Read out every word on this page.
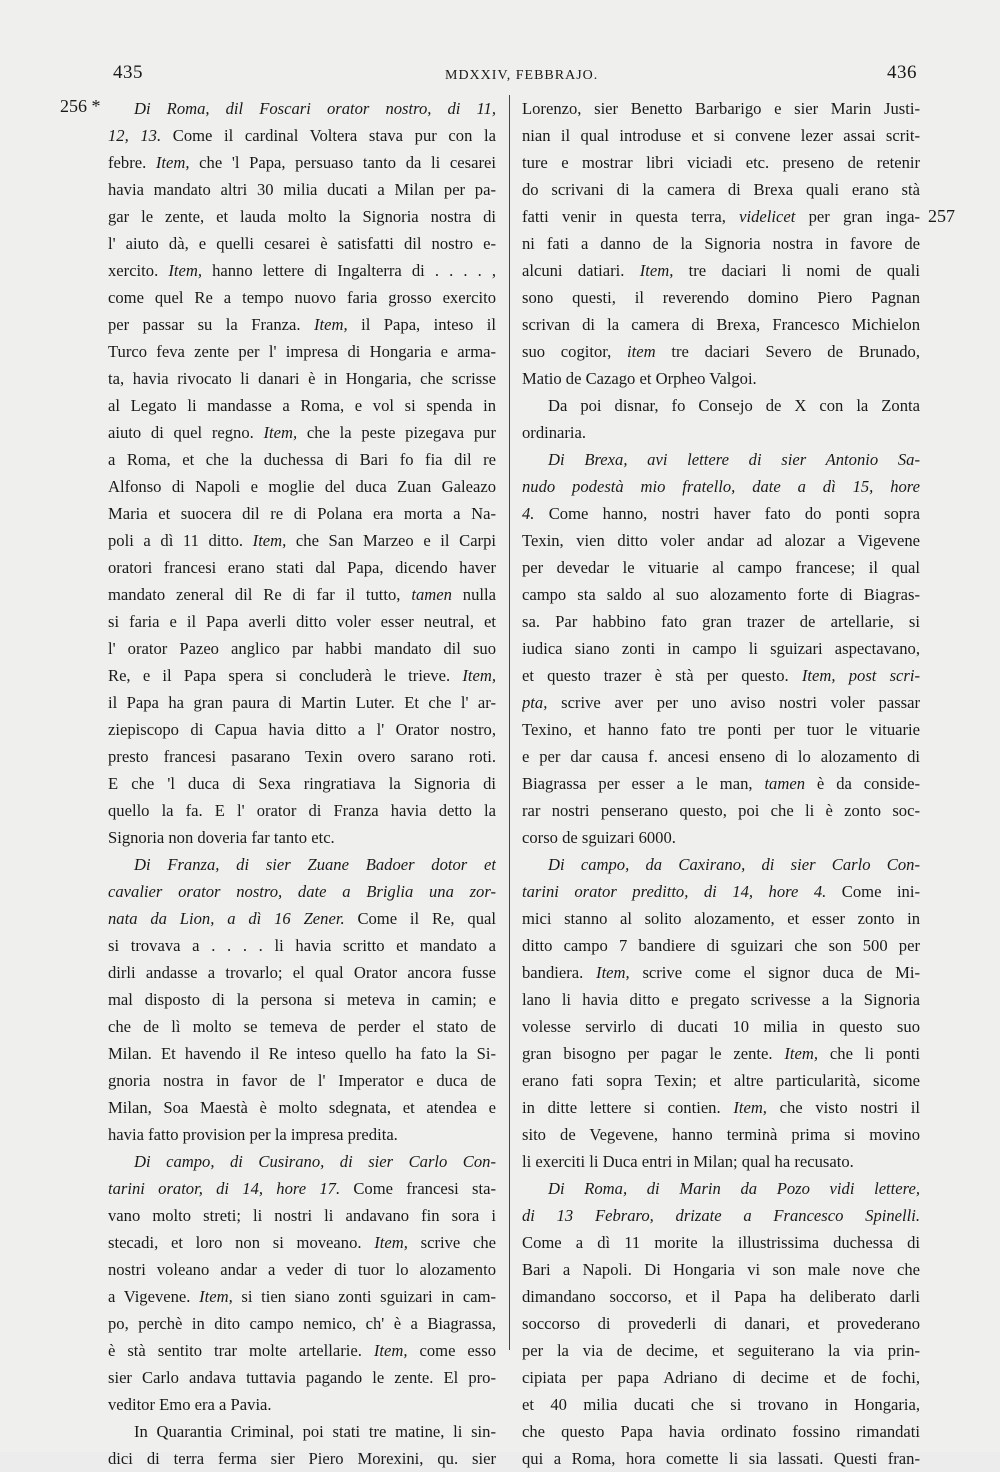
435	MDXXIV, FEBBRAJO.	436
256 *
257
Di Roma, dil Foscari orator nostro, di 11,
12, 13. Come il cardinal Voltera stava pur con la
febre. Item, che 'l Papa, persuaso tanto da li cesarei
havia mandato altri 30 milia ducati a Milan per pa-
gar le zente, et lauda molto la Signoria nostra di
l' aiuto dà, e quelli cesarei è satisfatti dil nostro e-
xercito. Item, hanno lettere di Ingalterra di . . . . ,
come quel Re a tempo nuovo faria grosso exercito
per passar su la Franza. Item, il Papa, inteso il
Turco feva zente per l' impresa di Hongaria e arma-
ta, havia rivocato li danari è in Hongaria, che scrisse
al Legato li mandasse a Roma, e vol si spenda in
aiuto di quel regno. Item, che la peste pizegava pur
a Roma, et che la duchessa di Bari fo fia dil re
Alfonso di Napoli e moglie del duca Zuan Galeazo
Maria et suocera dil re di Polana era morta a Na-
poli a dì 11 ditto. Item, che San Marzeo e il Carpi
oratori francesi erano stati dal Papa, dicendo haver
mandato zeneral dil Re di far il tutto, tamen nulla
si faria e il Papa averli ditto voler esser neutral, et
l' orator Pazeo anglico par habbi mandato dil suo
Re, e il Papa spera si concluderà le trieve. Item,
il Papa ha gran paura di Martin Luter. Et che l' ar-
ziepiscopo di Capua havia ditto a l' Orator nostro,
presto francesi pasarano Texin overo sarano roti.
E che 'l duca di Sexa ringratiava la Signoria di
quello la fa. E l' orator di Franza havia detto la
Signoria non doveria far tanto etc.
Di Franza, di sier Zuane Badoer dotor et
cavalier orator nostro, date a Briglia una zor-
nata da Lion, a dì 16 Zener. Come il Re, qual
si trovava a . . . . li havia scritto et mandato a
dirli andasse a trovarlo; el qual Orator ancora fusse
mal disposto di la persona si meteva in camin; e
che de lì molto se temeva de perder el stato de
Milan. Et havendo il Re inteso quello ha fato la Si-
gnoria nostra in favor de l' Imperator e duca de
Milan, Soa Maestà è molto sdegnata, et atendea e
havia fatto provision per la impresa predita.
Di campo, di Cusirano, di sier Carlo Con-
tarini orator, di 14, hore 17. Come francesi sta-
vano molto streti; li nostri li andavano fin sora i
stecadi, et loro non si moveano. Item, scrive che
nostri voleano andar a veder di tuor lo alozamento
a Vigevene. Item, si tien siano zonti sguizari in cam-
po, perchè in dito campo nemico, ch' è a Biagrassa,
è stà sentito trar molte artellarie. Item, come esso
sier Carlo andava tuttavia pagando le zente. El pro-
veditor Emo era a Pavia.
In Quarantia Criminal, poi stati tre matine, li sin-
dici di terra ferma sier Piero Morexini, qu. sier
Lorenzo, sier Benetto Barbarigo e sier Marin Justi-
nian il qual introduse et si convene lezer assai scrit-
ture e mostrar libri viciadi etc. preseno de retenir
do scrivani di la camera di Brexa quali erano stà
fatti venir in questa terra, videlicet per gran inga-
ni fati a danno de la Signoria nostra in favore de
alcuni datiari. Item, tre daciari li nomi de quali
sono questi, il reverendo domino Piero Pagnan
scrivan di la camera di Brexa, Francesco Michielon
suo cogitor, item tre daciari Severo de Brunado,
Matio de Cazago et Orpheo Valgoi.
Da poi disnar, fo Consejo de X con la Zonta
ordinaria.
Di Brexa, avi lettere di sier Antonio Sa-
nudo podestà mio fratello, date a dì 15, hore
4. Come hanno, nostri haver fato do ponti sopra
Texin, vien ditto voler andar ad alozar a Vigevene
per devedar le vituarie al campo francese; il qual
campo sta saldo al suo alozamento forte di Biagras-
sa. Par habbino fato gran trazer de artellarie, si
iudica siano zonti in campo li sguizari aspectavano,
et questo trazer è stà per questo. Item, post scri-
pta, scrive aver per uno aviso nostri voler passar
Texino, et hanno fato tre ponti per tuor le vituarie
e per dar causa f. ancesi enseno di lo alozamento di
Biagrassa per esser a le man, tamen è da conside-
rar nostri penserano questo, poi che li è zonto soc-
corso de sguizari 6000.
Di campo, da Caxirano, di sier Carlo Con-
tarini orator preditto, di 14, hore 4. Come ini-
mici stanno al solito alozamento, et esser zonto in
ditto campo 7 bandiere di sguizari che son 500 per
bandiera. Item, scrive come el signor duca de Mi-
lano li havia ditto e pregato scrivesse a la Signoria
volesse servirlo di ducati 10 milia in questo suo
gran bisogno per pagar le zente. Item, che li ponti
erano fati sopra Texin; et altre particularità, sicome
in ditte lettere si contien. Item, che visto nostri il
sito de Vegevene, hanno terminà prima si movino
li exerciti li Duca entri in Milan; qual ha recusato.
Di Roma, di Marin da Pozo vidi lettere,
di 13 Febraro, drizate a Francesco Spinelli.
Come a dì 11 morite la illustrissima duchessa di
Bari a Napoli. Di Hongaria vi son male nove che
dimandano soccorso, et il Papa ha deliberato darli
soccorso di provederli di danari, et provederano
per la via de decime, et seguiterano la via prin-
cipiata per papa Adriano di decime et de fochi,
et 40 milia ducati che si trovano in Hongaria,
che questo Papa havia ordinato fossino rimandati
qui a Roma, hora comette li sia lassati. Questi fran-
